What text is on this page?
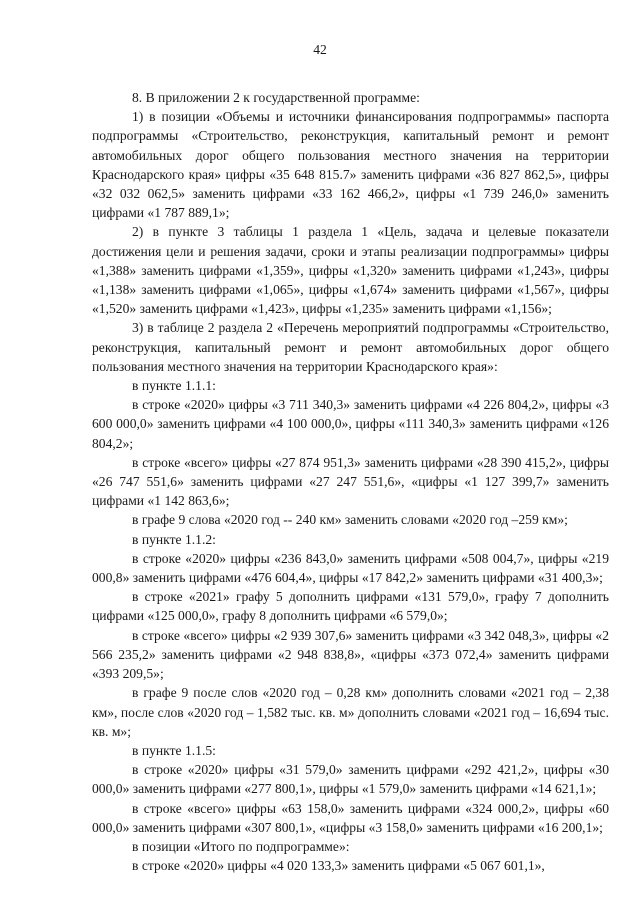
42

8. В приложении 2 к государственной программе:

1) в позиции «Объемы и источники финансирования подпрограммы» паспорта подпрограммы «Строительство, реконструкция, капитальный ремонт и ремонт автомобильных дорог общего пользования местного значения на территории Краснодарского края» цифры «35 648 815.7» заменить цифрами «36 827 862,5», цифры «32 032 062,5» заменить цифрами «33 162 466,2», цифры «1 739 246,0» заменить цифрами «1 787 889,1»;

2) в пункте 3 таблицы 1 раздела 1 «Цель, задача и целевые показатели достижения цели и решения задачи, сроки и этапы реализации подпрограммы» цифры «1,388» заменить цифрами «1,359», цифры «1,320» заменить цифрами «1,243», цифры «1,138» заменить цифрами «1,065», цифры «1,674» заменить цифрами «1,567», цифры «1,520» заменить цифрами «1,423», цифры «1,235» заменить цифрами «1,156»;

3) в таблице 2 раздела 2 «Перечень мероприятий подпрограммы «Строительство, реконструкция, капитальный ремонт и ремонт автомобильных дорог общего пользования местного значения на территории Краснодарского края»:

в пункте 1.1.1:

в строке «2020» цифры «3 711 340,3» заменить цифрами «4 226 804,2», цифры «3 600 000,0» заменить цифрами «4 100 000,0», цифры «111 340,3» заменить цифрами «126 804,2»;

в строке «всего» цифры «27 874 951,3» заменить цифрами «28 390 415,2», цифры «26 747 551,6» заменить цифрами «27 247 551,6», «цифры «1 127 399,7» заменить цифрами «1 142 863,6»;

в графе 9 слова «2020 год -- 240 км» заменить словами «2020 год –259 км»;

в пункте 1.1.2:

в строке «2020» цифры «236 843,0» заменить цифрами «508 004,7», цифры «219 000,8» заменить цифрами «476 604,4», цифры «17 842,2» заменить цифрами «31 400,3»;

в строке «2021» графу 5 дополнить цифрами «131 579,0», графу 7 дополнить цифрами «125 000,0», графу 8 дополнить цифрами «6 579,0»;

в строке «всего» цифры «2 939 307,6» заменить цифрами «3 342 048,3», цифры «2 566 235,2» заменить цифрами «2 948 838,8», «цифры «373 072,4» заменить цифрами «393 209,5»;

в графе 9 после слов «2020 год – 0,28 км» дополнить словами «2021 год – 2,38 км», после слов «2020 год – 1,582 тыс. кв. м» дополнить словами «2021 год – 16,694 тыс. кв. м»;

в пункте 1.1.5:

в строке «2020» цифры «31 579,0» заменить цифрами «292 421,2», цифры «30 000,0» заменить цифрами «277 800,1», цифры «1 579,0» заменить цифрами «14 621,1»;

в строке «всего» цифры «63 158,0» заменить цифрами «324 000,2», цифры «60 000,0» заменить цифрами «307 800,1», «цифры «3 158,0» заменить цифрами «16 200,1»;

в позиции «Итого по подпрограмме»:

в строке «2020» цифры «4 020 133,3» заменить цифрами «5 067 601,1»,
